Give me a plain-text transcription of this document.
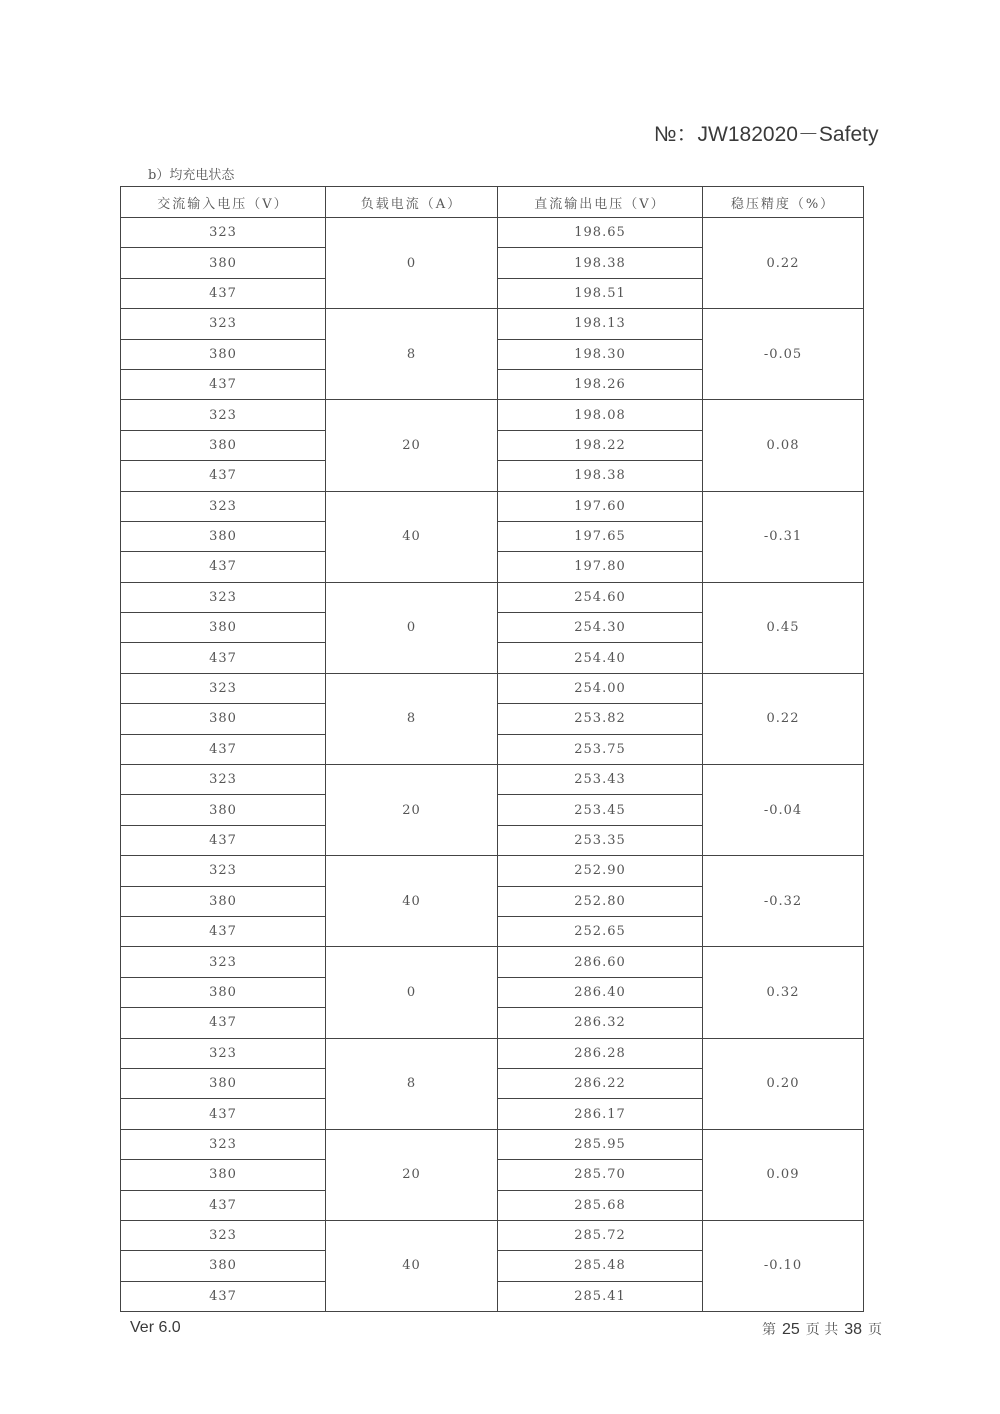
№：JW182020－Safety
b）均充电状态
交流输入电压（V）	负载电流（A）	直流输出电压（V）	稳压精度（%）
323	0	198.65	0.22
380		198.38	
437		198.51	
323	8	198.13	-0.05
380		198.30	
437		198.26	
323	20	198.08	0.08
380		198.22	
437		198.38	
323	40	197.60	-0.31
380		197.65	
437		197.80	
323	0	254.60	0.45
380		254.30	
437		254.40	
323	8	254.00	0.22
380		253.82	
437		253.75	
323	20	253.43	-0.04
380		253.45	
437		253.35	
323	40	252.90	-0.32
380		252.80	
437		252.65	
323	0	286.60	0.32
380		286.40	
437		286.32	
323	8	286.28	0.20
380		286.22	
437		286.17	
323	20	285.95	0.09
380		285.70	
437		285.68	
323	40	285.72	-0.10
380		285.48	
437		285.41	
Ver 6.0	第 25 页 共 38 页
